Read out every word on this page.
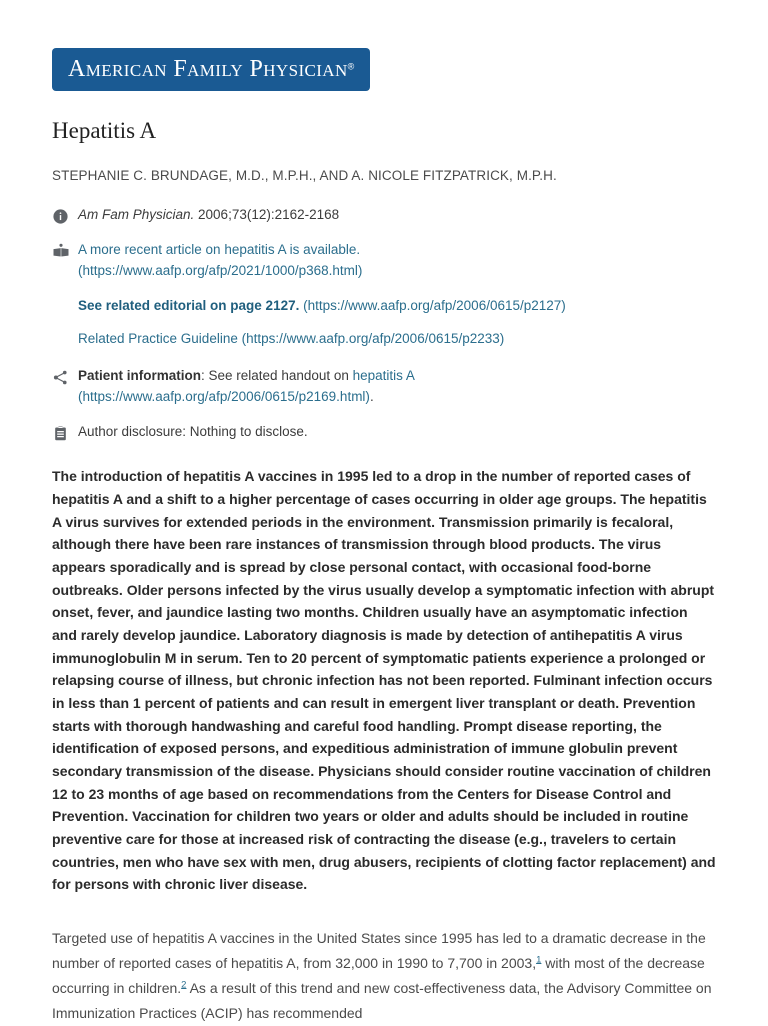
American Family Physician®
Hepatitis A
STEPHANIE C. BRUNDAGE, M.D., M.P.H., AND A. NICOLE FITZPATRICK, M.P.H.
Am Fam Physician. 2006;73(12):2162-2168
A more recent article on hepatitis A is available.
(https://www.aafp.org/afp/2021/1000/p368.html)
See related editorial on page 2127. (https://www.aafp.org/afp/2006/0615/p2127)
Related Practice Guideline (https://www.aafp.org/afp/2006/0615/p2233)
Patient information: See related handout on hepatitis A
(https://www.aafp.org/afp/2006/0615/p2169.html).
Author disclosure: Nothing to disclose.

The introduction of hepatitis A vaccines in 1995 led to a drop in the number of reported cases of hepatitis A and a shift to a higher percentage of cases occurring in older age groups. The hepatitis A virus survives for extended periods in the environment. Transmission primarily is fecaloral, although there have been rare instances of transmission through blood products. The virus appears sporadically and is spread by close personal contact, with occasional food-borne outbreaks. Older persons infected by the virus usually develop a symptomatic infection with abrupt onset, fever, and jaundice lasting two months. Children usually have an asymptomatic infection and rarely develop jaundice. Laboratory diagnosis is made by detection of antihepatitis A virus immunoglobulin M in serum. Ten to 20 percent of symptomatic patients experience a prolonged or relapsing course of illness, but chronic infection has not been reported. Fulminant infection occurs in less than 1 percent of patients and can result in emergent liver transplant or death. Prevention starts with thorough handwashing and careful food handling. Prompt disease reporting, the identification of exposed persons, and expeditious administration of immune globulin prevent secondary transmission of the disease. Physicians should consider routine vaccination of children 12 to 23 months of age based on recommendations from the Centers for Disease Control and Prevention. Vaccination for children two years or older and adults should be included in routine preventive care for those at increased risk of contracting the disease (e.g., travelers to certain countries, men who have sex with men, drug abusers, recipients of clotting factor replacement) and for persons with chronic liver disease.

Targeted use of hepatitis A vaccines in the United States since 1995 has led to a dramatic decrease in the number of reported cases of hepatitis A, from 32,000 in 1990 to 7,700 in 2003,$^1$ with most of the decrease occurring in children.$^2$ As a result of this trend and new cost-effectiveness data, the Advisory Committee on Immunization Practices (ACIP) has recommended
